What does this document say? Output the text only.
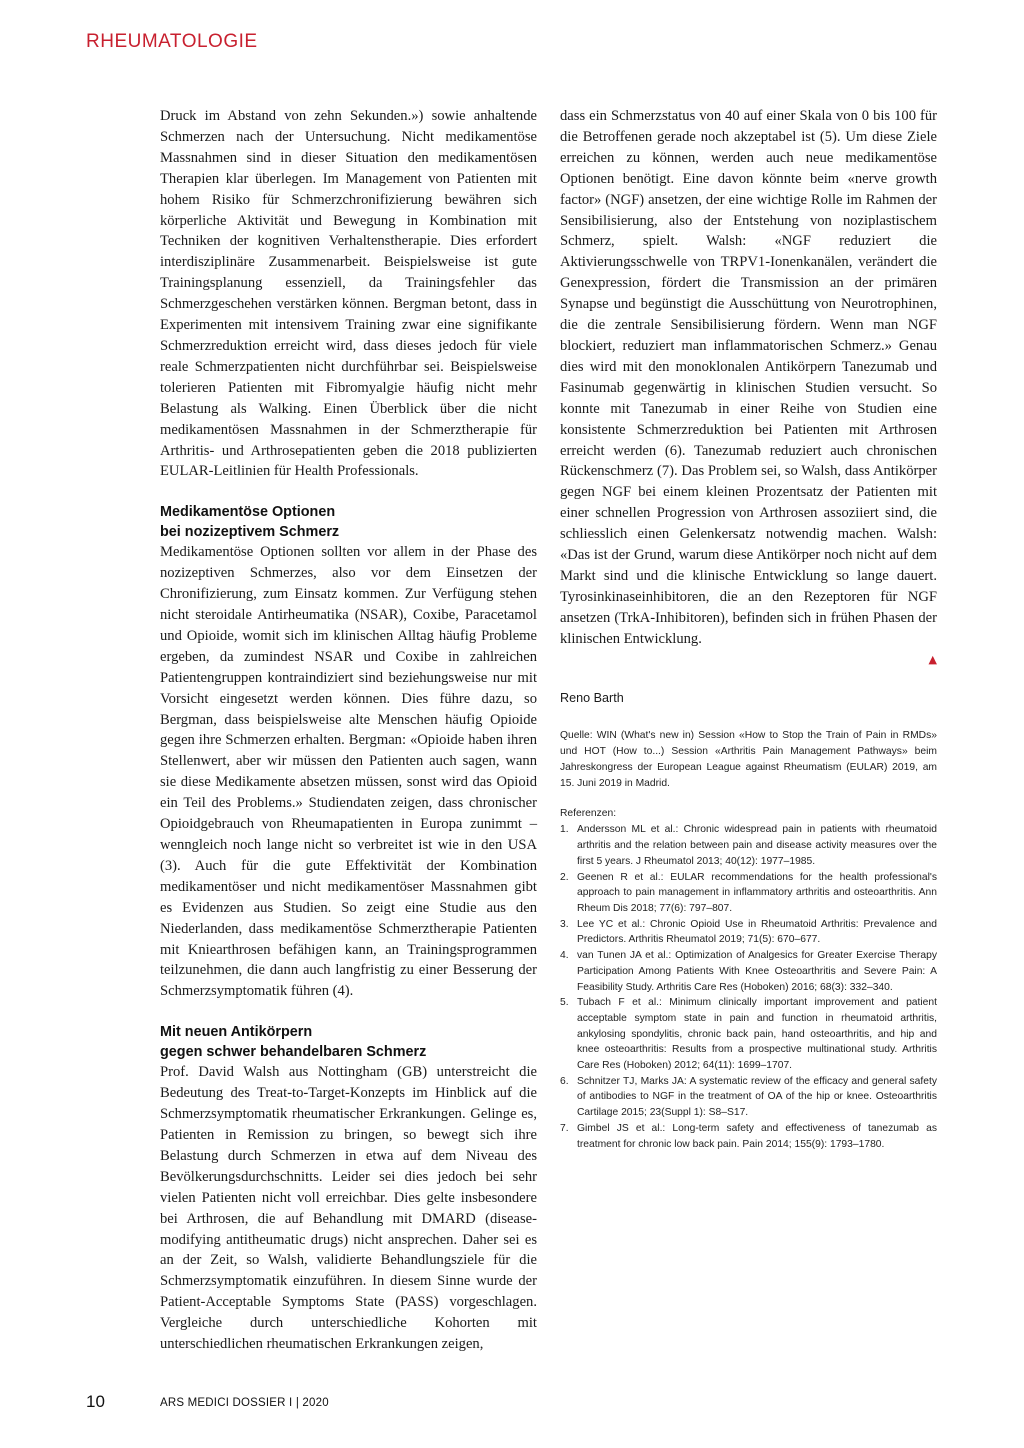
RHEUMATOLOGIE

Druck im Abstand von zehn Sekunden.») sowie anhaltende Schmerzen nach der Untersuchung. Nicht medikamentöse Massnahmen sind in dieser Situation den medikamentösen Therapien klar überlegen. Im Management von Patienten mit hohem Risiko für Schmerzchronifizierung bewähren sich körperliche Aktivität und Bewegung in Kombination mit Techniken der kognitiven Verhaltenstherapie. Dies erfordert interdisziplinäre Zusammenarbeit. Beispielsweise ist gute Trainingsplanung essenziell, da Trainingsfehler das Schmerzgeschehen verstärken können. Bergman betont, dass in Experimenten mit intensivem Training zwar eine signifikante Schmerzreduktion erreicht wird, dass dieses jedoch für viele reale Schmerzpatienten nicht durchführbar sei. Beispielsweise tolerieren Patienten mit Fibromyalgie häufig nicht mehr Belastung als Walking. Einen Überblick über die nicht medikamentösen Massnahmen in der Schmerztherapie für Arthritis- und Arthrosepatienten geben die 2018 publizierten EULAR-Leitlinien für Health Professionals.

Medikamentöse Optionen
bei nozizeptivem Schmerz

Medikamentöse Optionen sollten vor allem in der Phase des nozizeptiven Schmerzes, also vor dem Einsetzen der Chronifizierung, zum Einsatz kommen. Zur Verfügung stehen nicht steroidale Antirheumatika (NSAR), Coxibe, Paracetamol und Opioide, womit sich im klinischen Alltag häufig Probleme ergeben, da zumindest NSAR und Coxibe in zahlreichen Patientengruppen kontraindiziert sind beziehungsweise nur mit Vorsicht eingesetzt werden können. Dies führe dazu, so Bergman, dass beispielsweise alte Menschen häufig Opioide gegen ihre Schmerzen erhalten. Bergman: «Opioide haben ihren Stellenwert, aber wir müssen den Patienten auch sagen, wann sie diese Medikamente absetzen müssen, sonst wird das Opioid ein Teil des Problems.» Studiendaten zeigen, dass chronischer Opioidgebrauch von Rheumapatienten in Europa zunimmt – wenngleich noch lange nicht so verbreitet ist wie in den USA (3). Auch für die gute Effektivität der Kombination medikamentöser und nicht medikamentöser Massnahmen gibt es Evidenzen aus Studien. So zeigt eine Studie aus den Niederlanden, dass medikamentöse Schmerztherapie Patienten mit Kniearthrosen befähigen kann, an Trainingsprogrammen teilzunehmen, die dann auch langfristig zu einer Besserung der Schmerzsymptomatik führen (4).

Mit neuen Antikörpern
gegen schwer behandelbaren Schmerz

Prof. David Walsh aus Nottingham (GB) unterstreicht die Bedeutung des Treat-to-Target-Konzepts im Hinblick auf die Schmerzsymptomatik rheumatischer Erkrankungen. Gelinge es, Patienten in Remission zu bringen, so bewegt sich ihre Belastung durch Schmerzen in etwa auf dem Niveau des Bevölkerungsdurchschnitts. Leider sei dies jedoch bei sehr vielen Patienten nicht voll erreichbar. Dies gelte insbesondere bei Arthrosen, die auf Behandlung mit DMARD (disease-modifying antitheumatic drugs) nicht ansprechen. Daher sei es an der Zeit, so Walsh, validierte Behandlungsziele für die Schmerzsymptomatik einzuführen. In diesem Sinne wurde der Patient-Acceptable Symptoms State (PASS) vorgeschlagen. Vergleiche durch unterschiedliche Kohorten mit unterschiedlichen rheumatischen Erkrankungen zeigen,

dass ein Schmerzstatus von 40 auf einer Skala von 0 bis 100 für die Betroffenen gerade noch akzeptabel ist (5). Um diese Ziele erreichen zu können, werden auch neue medikamentöse Optionen benötigt. Eine davon könnte beim «nerve growth factor» (NGF) ansetzen, der eine wichtige Rolle im Rahmen der Sensibilisierung, also der Entstehung von noziplastischem Schmerz, spielt. Walsh: «NGF reduziert die Aktivierungsschwelle von TRPV1-Ionenkanälen, verändert die Genexpression, fördert die Transmission an der primären Synapse und begünstigt die Ausschüttung von Neurotrophinen, die die zentrale Sensibilisierung fördern. Wenn man NGF blockiert, reduziert man inflammatorischen Schmerz.» Genau dies wird mit den monoklonalen Antikörpern Tanezumab und Fasinumab gegenwärtig in klinischen Studien versucht. So konnte mit Tanezumab in einer Reihe von Studien eine konsistente Schmerzreduktion bei Patienten mit Arthrosen erreicht werden (6). Tanezumab reduziert auch chronischen Rückenschmerz (7). Das Problem sei, so Walsh, dass Antikörper gegen NGF bei einem kleinen Prozentsatz der Patienten mit einer schnellen Progression von Arthrosen assoziiert sind, die schliesslich einen Gelenkersatz notwendig machen. Walsh: «Das ist der Grund, warum diese Antikörper noch nicht auf dem Markt sind und die klinische Entwicklung so lange dauert. Tyrosinkinaseinhibitoren, die an den Rezeptoren für NGF ansetzen (TrkA-Inhibitoren), befinden sich in frühen Phasen der klinischen Entwicklung.

▲
Reno Barth
Quelle: WIN (What's new in) Session «How to Stop the Train of Pain in RMDs» und HOT (How to...) Session «Arthritis Pain Management Pathways» beim Jahreskongress der European League against Rheumatism (EULAR) 2019, am 15. Juni 2019 in Madrid.
Referenzen:
1. Andersson ML et al.: Chronic widespread pain in patients with rheumatoid arthritis and the relation between pain and disease activity measures over the first 5 years. J Rheumatol 2013; 40(12): 1977–1985.
2. Geenen R et al.: EULAR recommendations for the health professional's approach to pain management in inflammatory arthritis and osteoarthritis. Ann Rheum Dis 2018; 77(6): 797–807.
3. Lee YC et al.: Chronic Opioid Use in Rheumatoid Arthritis: Prevalence and Predictors. Arthritis Rheumatol 2019; 71(5): 670–677.
4. van Tunen JA et al.: Optimization of Analgesics for Greater Exercise Therapy Participation Among Patients With Knee Osteoarthritis and Severe Pain: A Feasibility Study. Arthritis Care Res (Hoboken) 2016; 68(3): 332–340.
5. Tubach F et al.: Minimum clinically important improvement and patient acceptable symptom state in pain and function in rheumatoid arthritis, ankylosing spondylitis, chronic back pain, hand osteoarthritis, and hip and knee osteoarthritis: Results from a prospective multinational study. Arthritis Care Res (Hoboken) 2012; 64(11): 1699–1707.
6. Schnitzer TJ, Marks JA: A systematic review of the efficacy and general safety of antibodies to NGF in the treatment of OA of the hip or knee. Osteoarthritis Cartilage 2015; 23(Suppl 1): S8–S17.
7. Gimbel JS et al.: Long-term safety and effectiveness of tanezumab as treatment for chronic low back pain. Pain 2014; 155(9): 1793–1780.
10	ARS MEDICI DOSSIER I | 2020
